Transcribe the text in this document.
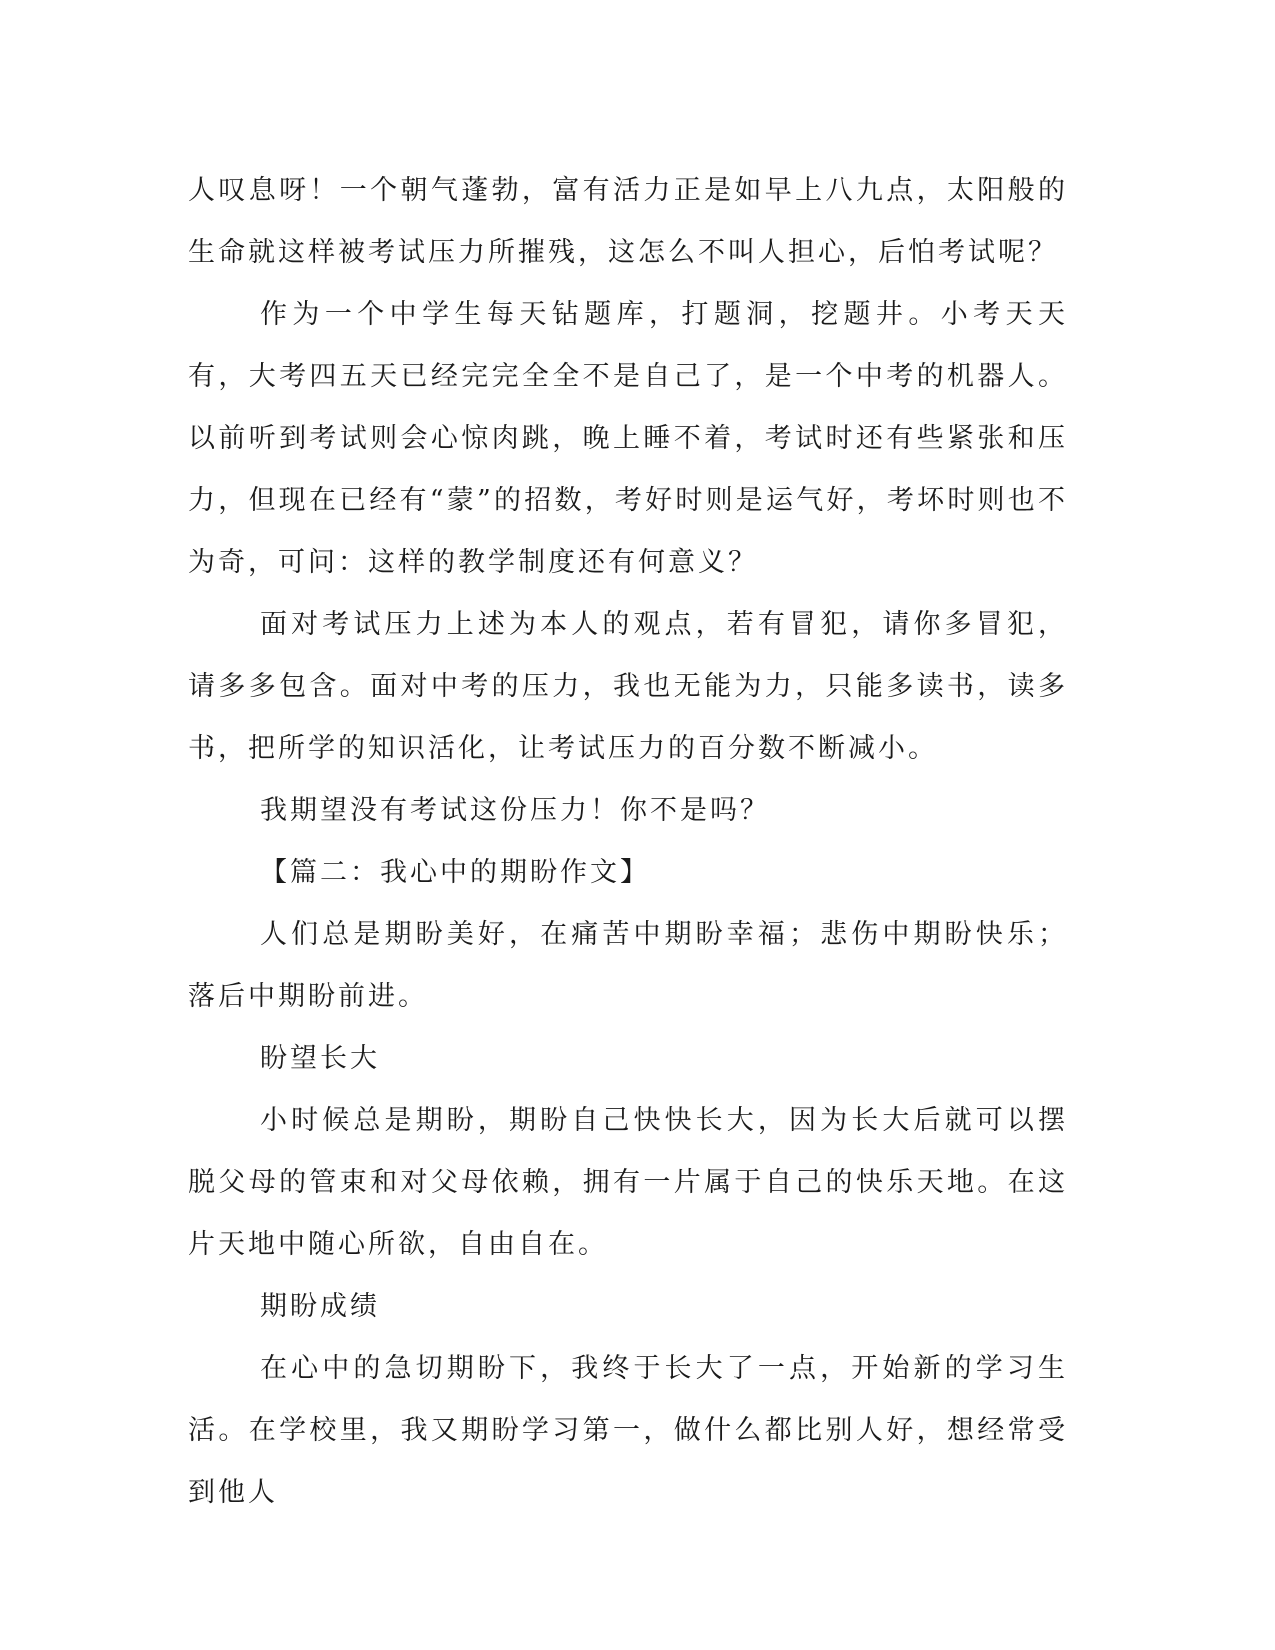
人叹息呀！一个朝气蓬勃，富有活力正是如早上八九点，太阳般的生命就这样被考试压力所摧残，这怎么不叫人担心，后怕考试呢？

作为一个中学生每天钻题库，打题洞，挖题井。小考天天有，大考四五天已经完完全全不是自己了，是一个中考的机器人。以前听到考试则会心惊肉跳，晚上睡不着，考试时还有些紧张和压力，但现在已经有“蒙”的招数，考好时则是运气好，考坏时则也不为奇，可问：这样的教学制度还有何意义？

面对考试压力上述为本人的观点，若有冒犯，请你多冒犯，请多多包含。面对中考的压力，我也无能为力，只能多读书，读多书，把所学的知识活化，让考试压力的百分数不断减小。

我期望没有考试这份压力！你不是吗？

【篇二：我心中的期盼作文】

人们总是期盼美好，在痛苦中期盼幸福；悲伤中期盼快乐；落后中期盼前进。

盼望长大

小时候总是期盼，期盼自己快快长大，因为长大后就可以摆脱父母的管束和对父母依赖，拥有一片属于自己的快乐天地。在这片天地中随心所欲，自由自在。

期盼成绩

在心中的急切期盼下，我终于长大了一点，开始新的学习生活。在学校里，我又期盼学习第一，做什么都比别人好，想经常受到他人
